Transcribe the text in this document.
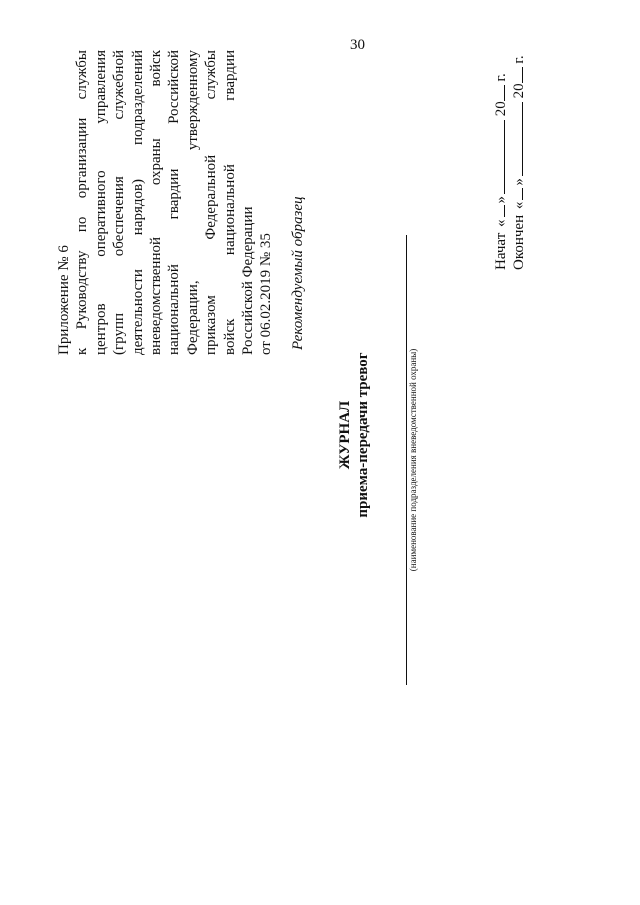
30
Приложение № 6 к Руководству по организации службы центров оперативного управления (групп обеспечения служебной деятельности нарядов) подразделений вневедомственной охраны войск национальной гвардии Российской Федерации, утвержденному приказом Федеральной службы войск национальной гвардии Российской Федерации от 06.02.2019 № 35 Рекомендуемый образец
ЖУРНАЛ приема-передачи тревог	(наименование подразделения вневедомственной охраны)
Начат «» 20 г.
Окончен «» 20 г.
